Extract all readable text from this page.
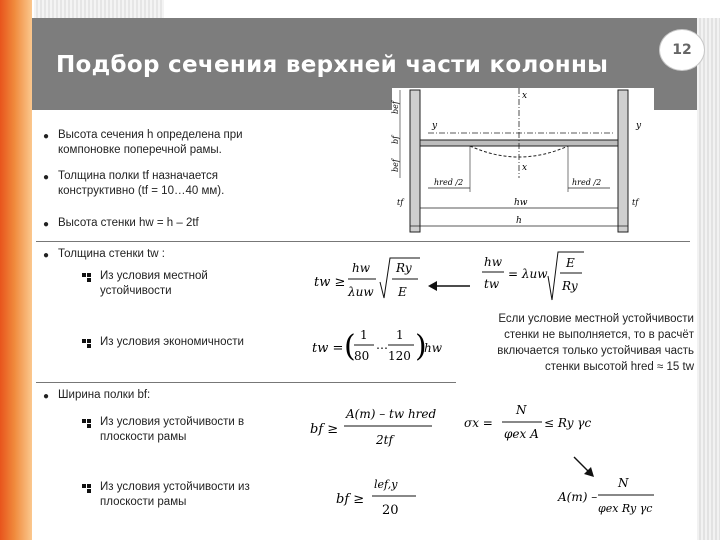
Подбор сечения верхней части колонны
12
x
x
y	y
hred /2	hred /2
hw
h
tf	tf
bef
bf
bef
● Высота сечения h определена при компоновке поперечной рамы.
● Толщина полки tf назначается конструктивно (tf = 10…40 мм).
● Высота стенки hw = h – 2tf
● Толщина стенки tw :
● Ширина полки bf:
Из условия местной устойчивости
Из условия экономичности
Из условия устойчивости в плоскости рамы
Из условия устойчивости из плоскости рамы
tw ≥
hw
λuw
Ry
E
hw
tw
= λuw
E
Ry
tw = ( 1
80
…
1
120 )
hw
Если условие местной устойчивости стенки не выполняется, то в расчёт включается только устойчивая часть стенки высотой hred ≈ 15 tw
bf ≥
A(т) – tw hred
2tf
σx =
N
φex A
≤ Ry γc
bf ≥
lef,y
20
A(т) –
N
φex Ry γc
